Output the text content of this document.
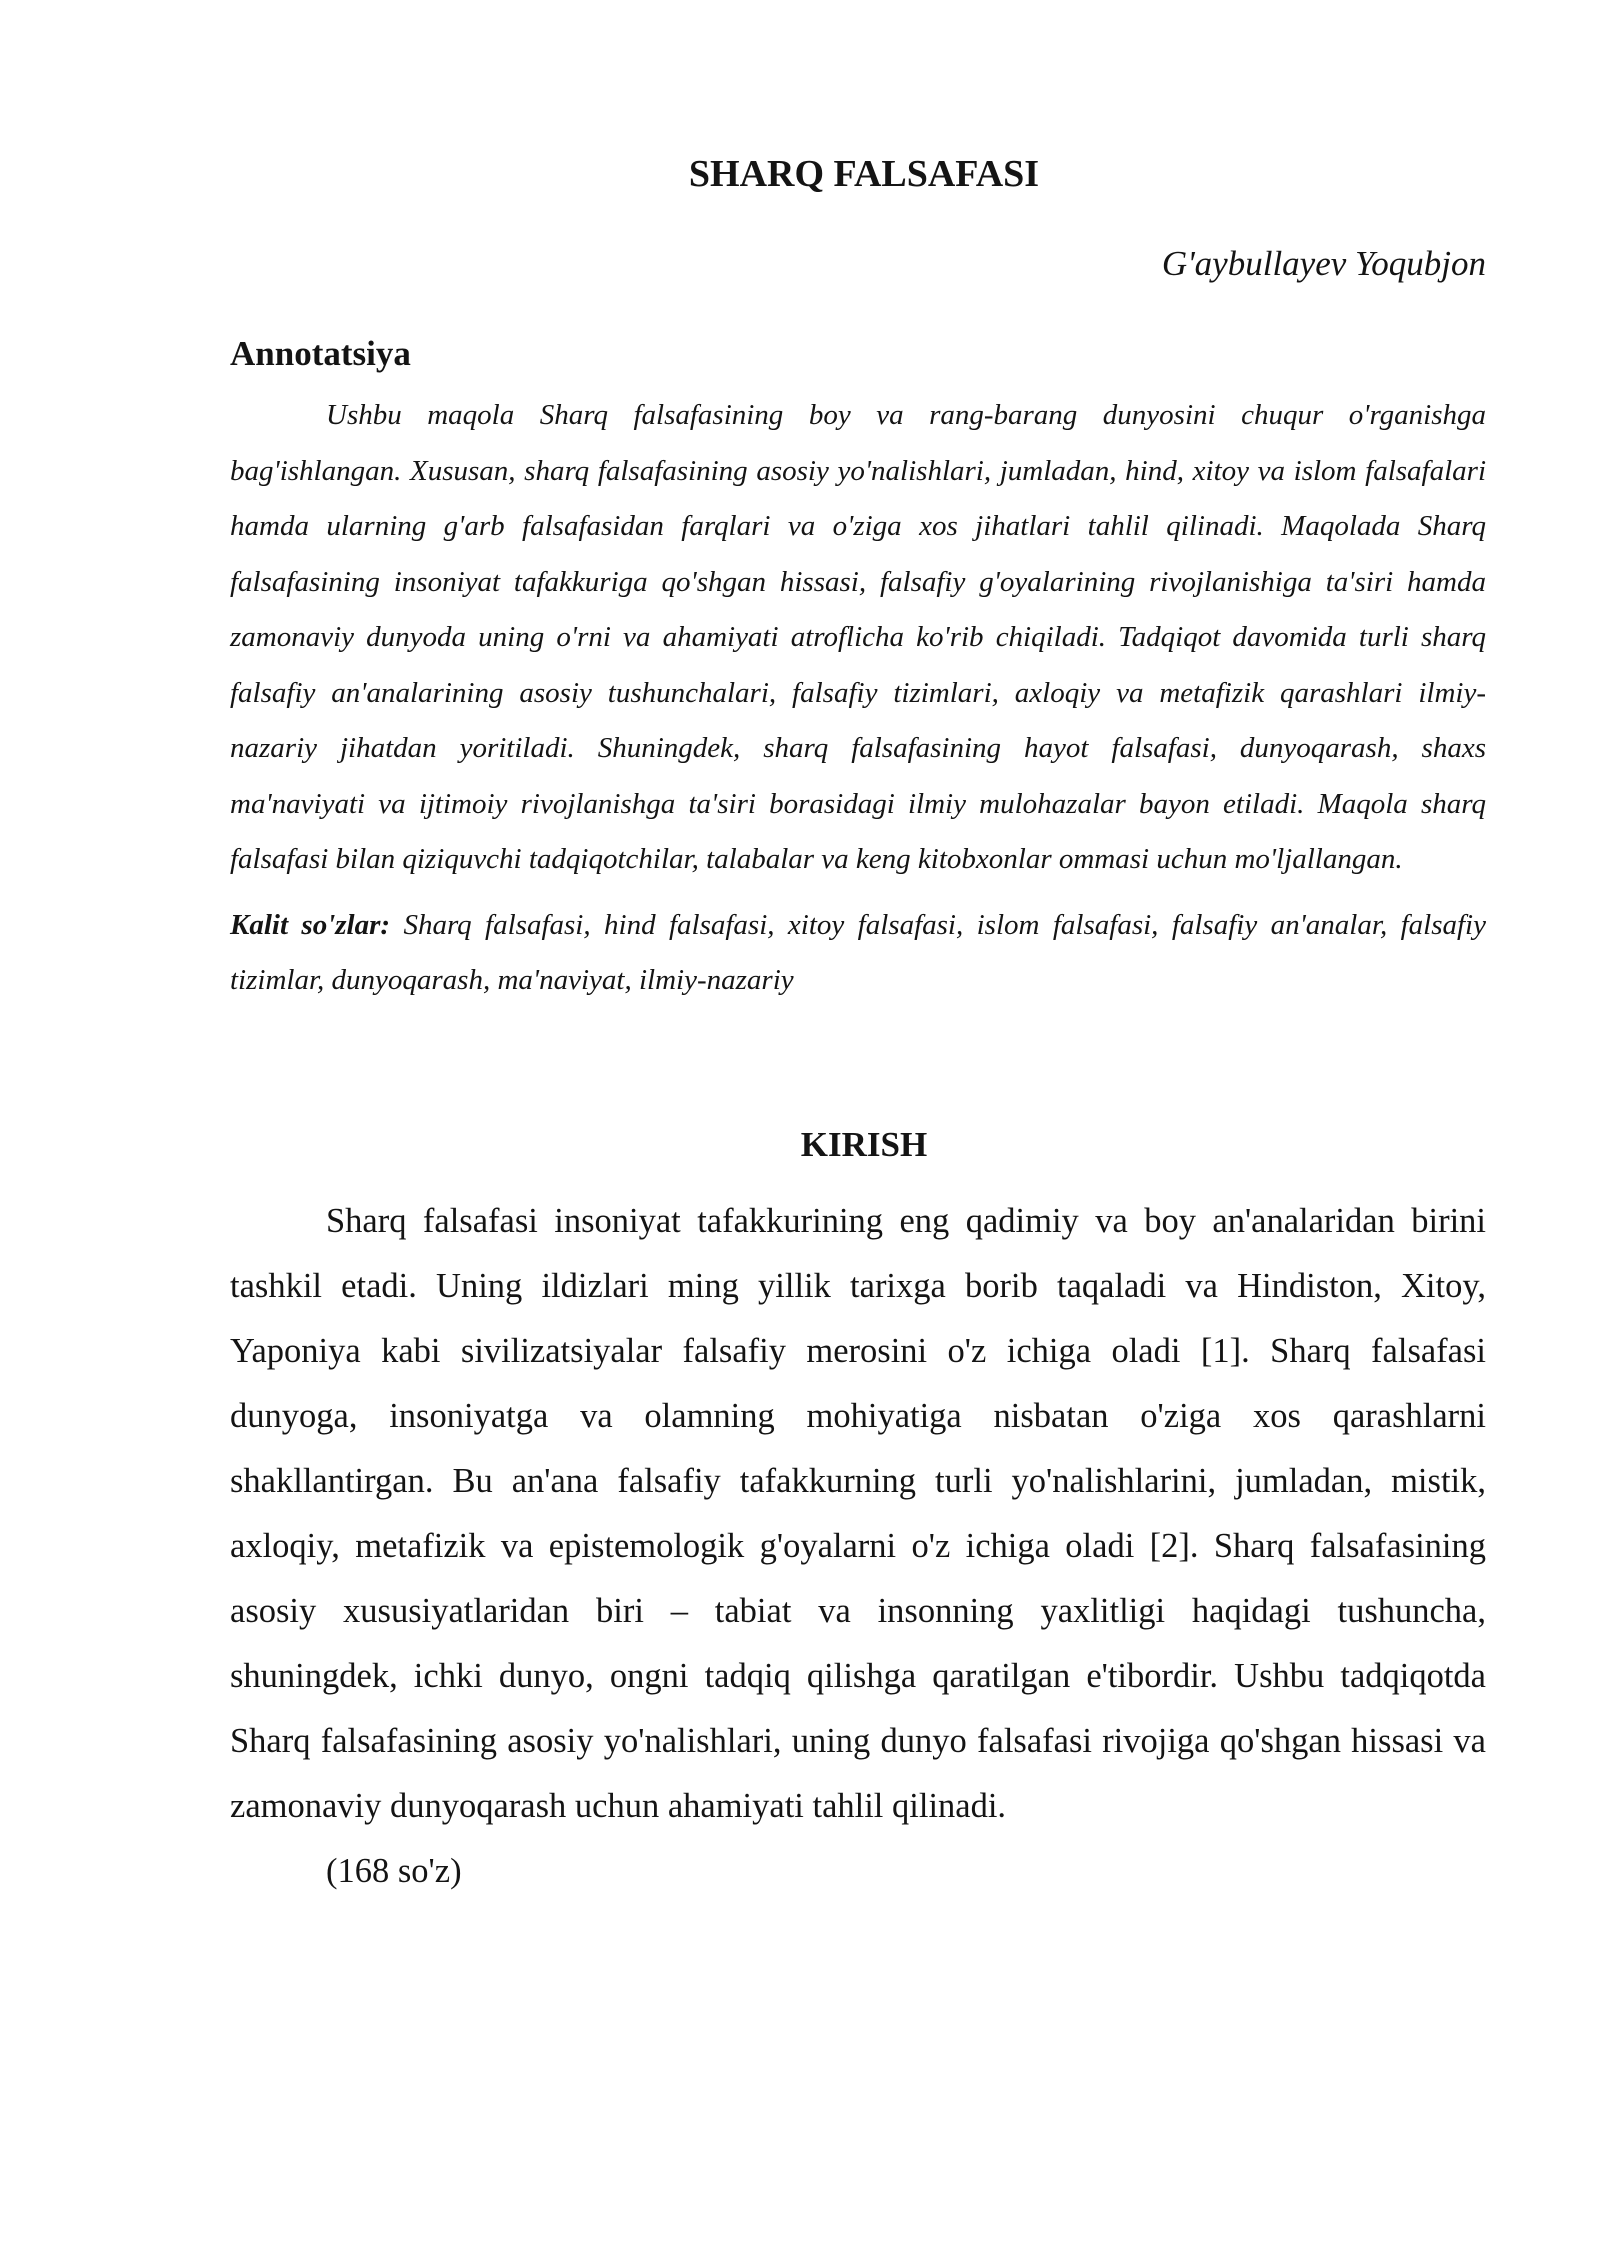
SHARQ FALSAFASI
G'aybullayev Yoqubjon
Annotatsiya

Ushbu maqola Sharq falsafasining boy va rang-barang dunyosini chuqur o'rganishga bag'ishlangan. Xususan, sharq falsafasining asosiy yo'nalishlari, jumladan, hind, xitoy va islom falsafalari hamda ularning g'arb falsafasidan farqlari va o'ziga xos jihatlari tahlil qilinadi. Maqolada Sharq falsafasining insoniyat tafakkuriga qo'shgan hissasi, falsafiy g'oyalarining rivojlanishiga ta'siri hamda zamonaviy dunyoda uning o'rni va ahamiyati atroflicha ko'rib chiqiladi. Tadqiqot davomida turli sharq falsafiy an'analarining asosiy tushunchalari, falsafiy tizimlari, axloqiy va metafizik qarashlari ilmiy-nazariy jihatdan yoritiladi. Shuningdek, sharq falsafasining hayot falsafasi, dunyoqarash, shaxs ma'naviyati va ijtimoiy rivojlanishga ta'siri borasidagi ilmiy mulohazalar bayon etiladi. Maqola sharq falsafasi bilan qiziquvchi tadqiqotchilar, talabalar va keng kitobxonlar ommasi uchun mo'ljallangan.

Kalit so'zlar: Sharq falsafasi, hind falsafasi, xitoy falsafasi, islom falsafasi, falsafiy an'analar, falsafiy tizimlar, dunyoqarash, ma'naviyat, ilmiy-nazariy

KIRISH

Sharq falsafasi insoniyat tafakkurining eng qadimiy va boy an'analaridan birini tashkil etadi. Uning ildizlari ming yillik tarixga borib taqaladi va Hindiston, Xitoy, Yaponiya kabi sivilizatsiyalar falsafiy merosini o'z ichiga oladi [1]. Sharq falsafasi dunyoga, insoniyatga va olamning mohiyatiga nisbatan o'ziga xos qarashlarni shakllantirgan. Bu an'ana falsafiy tafakkurning turli yo'nalishlarini, jumladan, mistik, axloqiy, metafizik va epistemologik g'oyalarni o'z ichiga oladi [2]. Sharq falsafasining asosiy xususiyatlaridan biri – tabiat va insonning yaxlitligi haqidagi tushuncha, shuningdek, ichki dunyo, ongni tadqiq qilishga qaratilgan e'tibordir. Ushbu tadqiqotda Sharq falsafasining asosiy yo'nalishlari, uning dunyo falsafasi rivojiga qo'shgan hissasi va zamonaviy dunyoqarash uchun ahamiyati tahlil qilinadi.

(168 so'z)
